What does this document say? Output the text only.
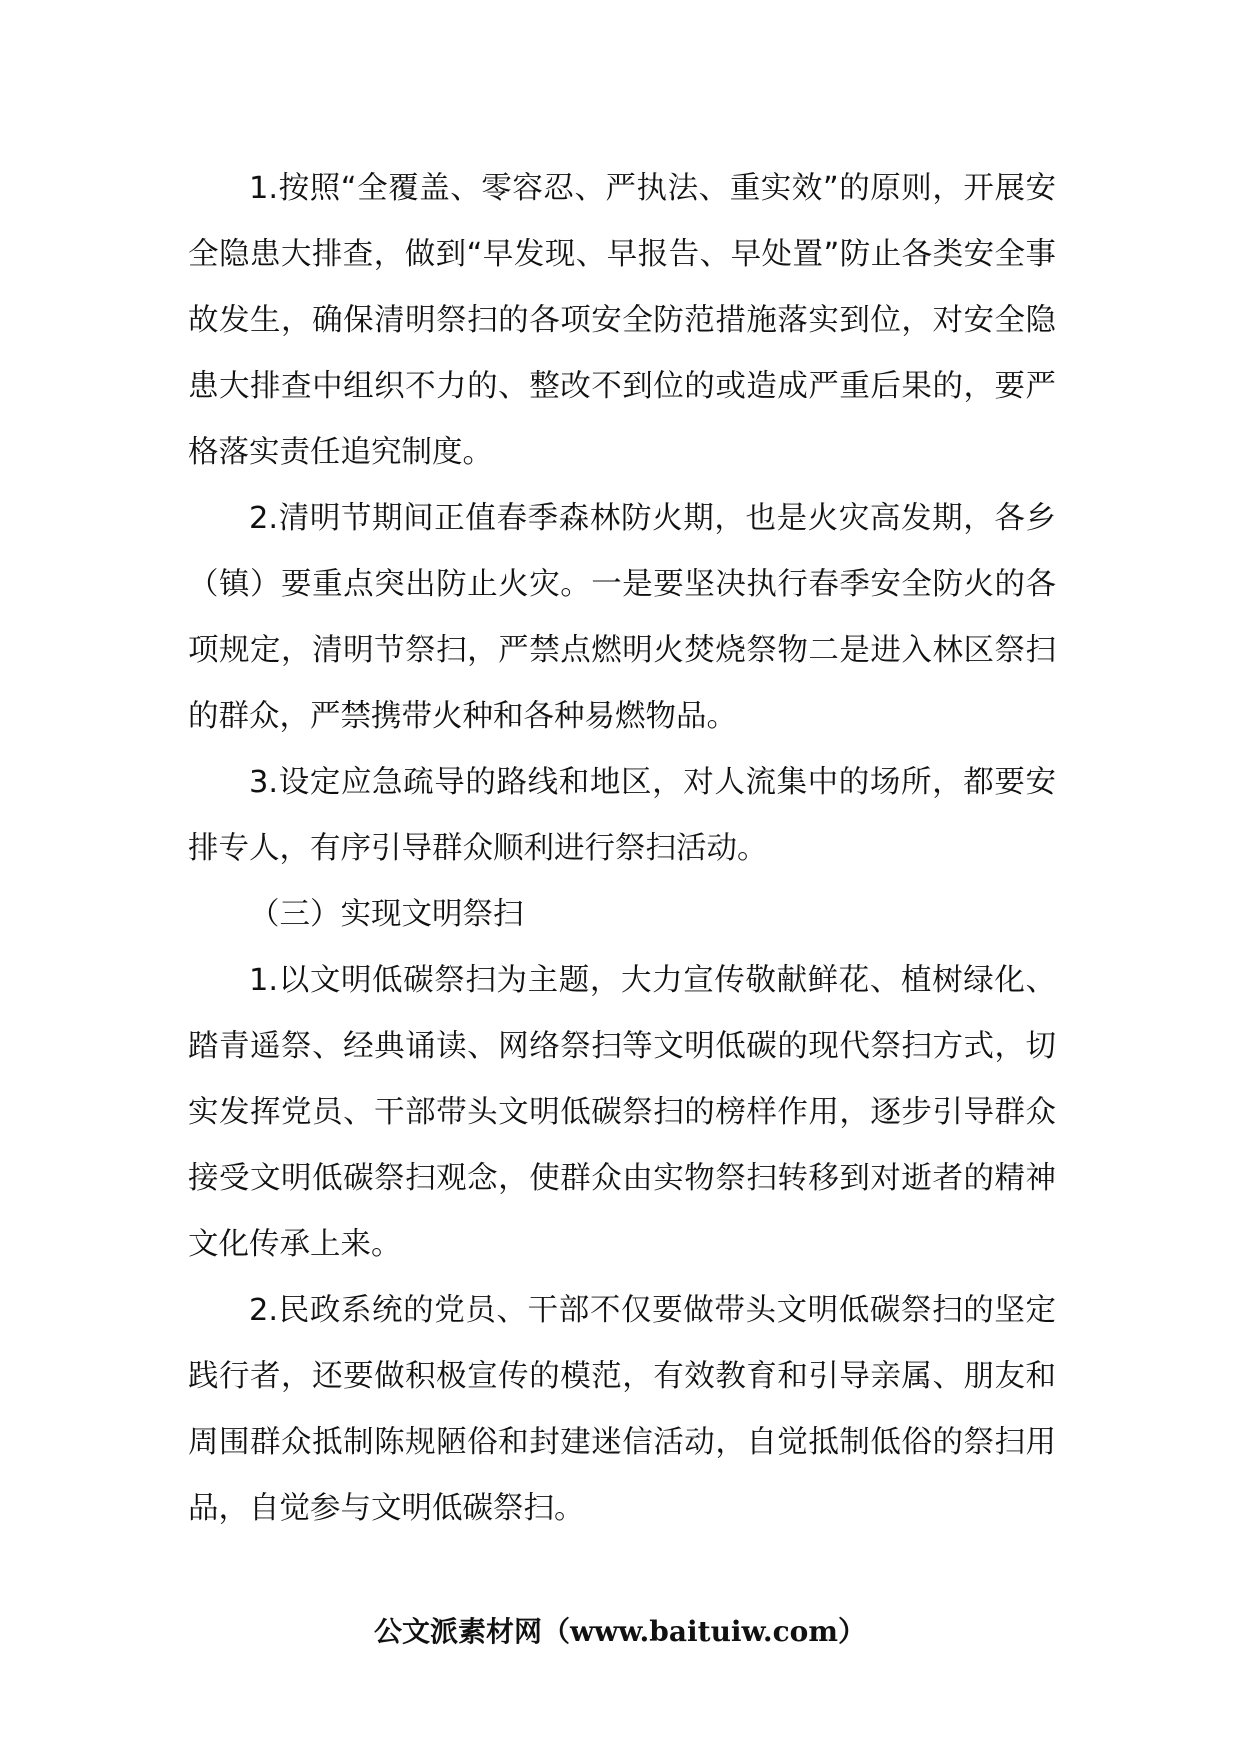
1.按照“全覆盖、零容忍、严执法、重实效”的原则，开展安全隐患大排查，做到“早发现、早报告、早处置”防止各类安全事故发生，确保清明祭扫的各项安全防范措施落实到位，对安全隐患大排查中组织不力的、整改不到位的或造成严重后果的，要严格落实责任追究制度。

2.清明节期间正值春季森林防火期，也是火灾高发期，各乡（镇）要重点突出防止火灾。一是要坚决执行春季安全防火的各项规定，清明节祭扫，严禁点燃明火焚烧祭物二是进入林区祭扫的群众，严禁携带火种和各种易燃物品。

3.设定应急疏导的路线和地区，对人流集中的场所，都要安排专人，有序引导群众顺利进行祭扫活动。

（三）实现文明祭扫

1.以文明低碳祭扫为主题，大力宣传敬献鲜花、植树绿化、踏青遥祭、经典诵读、网络祭扫等文明低碳的现代祭扫方式，切实发挥党员、干部带头文明低碳祭扫的榜样作用，逐步引导群众接受文明低碳祭扫观念，使群众由实物祭扫转移到对逝者的精神文化传承上来。

2.民政系统的党员、干部不仅要做带头文明低碳祭扫的坚定践行者，还要做积极宣传的模范，有效教育和引导亲属、朋友和周围群众抵制陈规陋俗和封建迷信活动，自觉抵制低俗的祭扫用品，自觉参与文明低碳祭扫。

公文派素材网（www.baituiw.com）
